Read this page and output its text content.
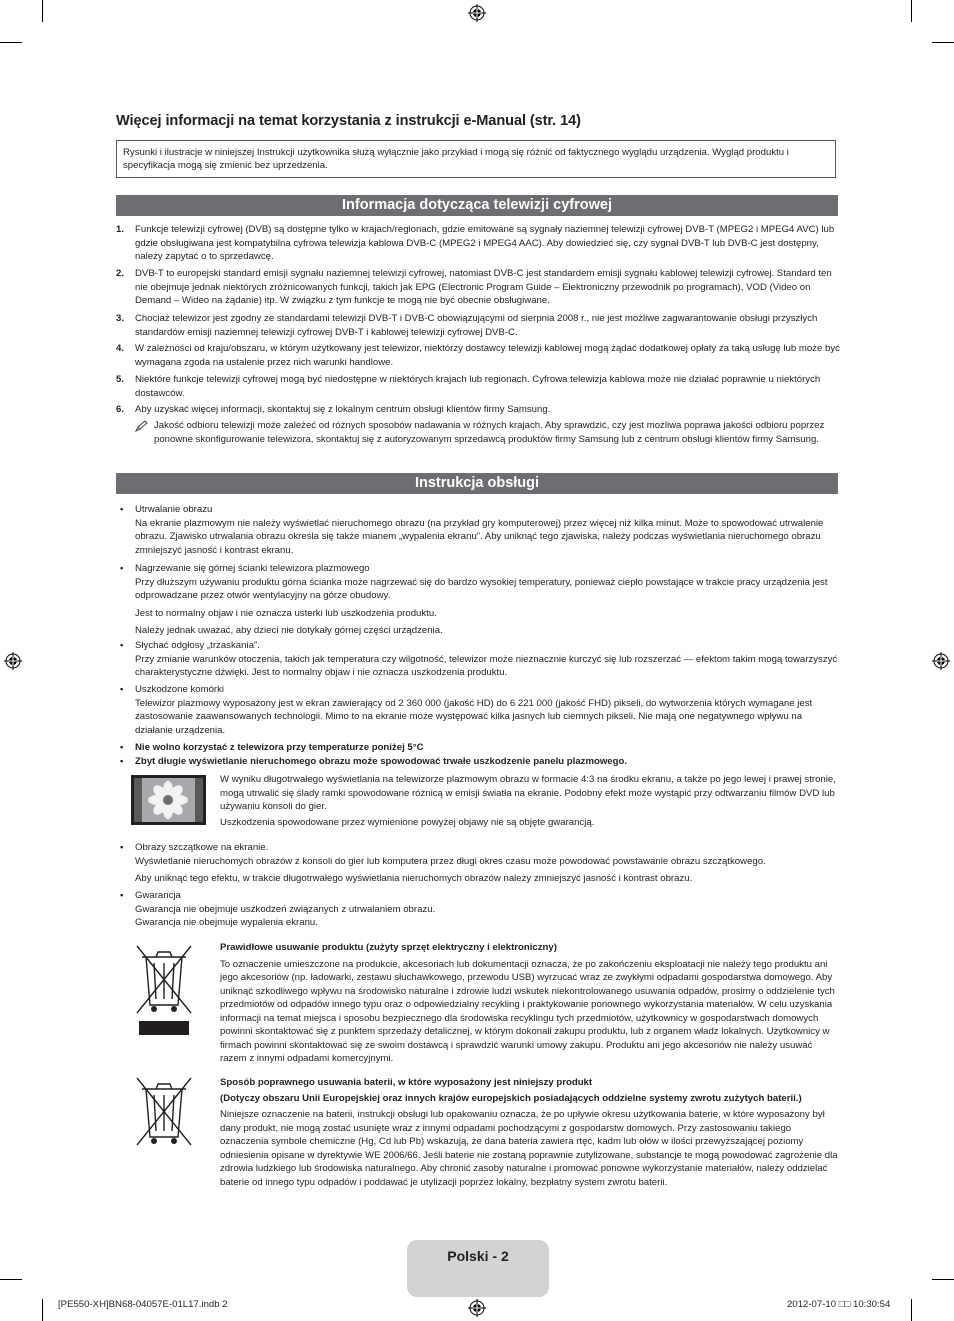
Więcej informacji na temat korzystania z instrukcji e-Manual (str. 14)
Rysunki i ilustracje w niniejszej Instrukcji użytkownika służą wyłącznie jako przykład i mogą się różnić od faktycznego wyglądu urządzenia. Wygląd produktu i specyfikacja mogą się zmienić bez uprzedzenia.
Informacja dotycząca telewizji cyfrowej
1. Funkcje telewizji cyfrowej (DVB) są dostępne tylko w krajach/regionach, gdzie emitowane są sygnały naziemnej telewizji cyfrowej DVB-T (MPEG2 i MPEG4 AVC) lub gdzie obsługiwana jest kompatybilna cyfrowa telewizja kablowa DVB-C (MPEG2 i MPEG4 AAC). Aby dowiedzieć się, czy sygnał DVB-T lub DVB-C jest dostępny, należy zapytać o to sprzedawcę.
2. DVB-T to europejski standard emisji sygnału naziemnej telewizji cyfrowej, natomiast DVB-C jest standardem emisji sygnału kablowej telewizji cyfrowej. Standard ten nie obejmuje jednak niektórych zróżnicowanych funkcji, takich jak EPG (Electronic Program Guide – Elektroniczny przewodnik po programach), VOD (Video on Demand – Wideo na żądanie) itp. W związku z tym funkcje te mogą nie być obecnie obsługiwane.
3. Chociaż telewizor jest zgodny ze standardami telewizji DVB-T i DVB-C obowiązującymi od sierpnia 2008 r., nie jest możliwe zagwarantowanie obsługi przyszłych standardów emisji naziemnej telewizji cyfrowej DVB-T i kablowej telewizji cyfrowej DVB-C.
4. W zależności od kraju/obszaru, w którym użytkowany jest telewizor, niektórzy dostawcy telewizji kablowej mogą żądać dodatkowej opłaty za taką usługę lub może być wymagana zgoda na ustalenie przez nich warunki handlowe.
5. Niektóre funkcje telewizji cyfrowej mogą być niedostępne w niektórych krajach lub regionach. Cyfrowa telewizja kablowa może nie działać poprawnie u niektórych dostawców.
6. Aby uzyskać więcej informacji, skontaktuj się z lokalnym centrum obsługi klientów firmy Samsung.
Jakość odbioru telewizji może zależeć od różnych sposobów nadawania w różnych krajach. Aby sprawdzić, czy jest możliwa poprawa jakości odbioru poprzez ponowne skonfigurowanie telewizora, skontaktuj się z autoryzowanym sprzedawcą produktów firmy Samsung lub z centrum obsługi klientów firmy Samsung.
Instrukcja obsługi
• Utrwalanie obrazu

Na ekranie plazmowym nie należy wyświetlać nieruchomego obrazu (na przykład gry komputerowej) przez więcej niż kilka minut. Może to spowodować utrwalenie obrazu. Zjawisko utrwalania obrazu określa się także mianem „wypalenia ekranu”. Aby uniknąć tego zjawiska, należy podczas wyświetlania nieruchomego obrazu zmniejszyć jasność i kontrast ekranu.

• Nagrzewanie się górnej ścianki telewizora plazmowego

Przy dłuższym używaniu produktu górna ścianka może nagrzewać się do bardzo wysokiej temperatury, ponieważ ciepło powstające w trakcie pracy urządzenia jest odprowadzane przez otwór wentylacyjny na górze obudowy.

Jest to normalny objaw i nie oznacza usterki lub uszkodzenia produktu.

Należy jednak uważać, aby dzieci nie dotykały górnej części urządzenia.

• Słychać odgłosy „trzaskania”.

Przy zmianie warunków otoczenia, takich jak temperatura czy wilgotność, telewizor może nieznacznie kurczyć się lub rozszerzać — efektom takim mogą towarzyszyć charakterystyczne dźwięki. Jest to normalny objaw i nie oznacza uszkodzenia produktu.

• Uszkodzone komórki

Telewizor plazmowy wyposażony jest w ekran zawierający od 2 360 000 (jakość HD) do 6 221 000 (jakość FHD) pikseli, do wytworzenia których wymagane jest zastosowanie zaawansowanych technologii. Mimo to na ekranie może występować kilka jasnych lub ciemnych pikseli. Nie mają one negatywnego wpływu na działanie urządzenia.

• Nie wolno korzystać z telewizora przy temperaturze poniżej 5°C
• Zbyt długie wyświetlanie nieruchomego obrazu może spowodować trwałe uszkodzenie panelu plazmowego.

W wyniku długotrwałego wyświetlania na telewizorze plazmowym obrazu w formacie 4:3 na środku ekranu, a także po jego lewej i prawej stronie, mogą utrwalić się ślady ramki spowodowane różnicą w emisji światła na ekranie. Podobny efekt może wystąpić przy odtwarzaniu filmów DVD lub używaniu konsoli do gier.

Uszkodzenia spowodowane przez wymienione powyżej objawy nie są objęte gwarancją.

• Obrazy szczątkowe na ekranie.

Wyświetlanie nieruchomych obrazów z konsoli do gier lub komputera przez długi okres czasu może powodować powstawanie obrazu szczątkowego.

Aby uniknąć tego efektu, w trakcie długotrwałego wyświetlania nieruchomych obrazów należy zmniejszyć jasność i kontrast obrazu.

• Gwarancja

Gwarancja nie obejmuje uszkodzeń związanych z utrwalaniem obrazu.

Gwarancja nie obejmuje wypalenia ekranu.

Prawidłowe usuwanie produktu (zużyty sprzęt elektryczny i elektroniczny)

To oznaczenie umieszczone na produkcie, akcesoriach lub dokumentacji oznacza, że po zakończeniu eksploatacji nie należy tego produktu ani jego akcesoriów (np. ładowarki, zestawu słuchawkowego, przewodu USB) wyrzucać wraz ze zwykłymi odpadami gospodarstwa domowego. Aby uniknąć szkodliwego wpływu na środowisko naturalne i zdrowie ludzi wskutek niekontrolowanego usuwania odpadów, prosimy o oddzielenie tych przedmiotów od odpadów innego typu oraz o odpowiedzialny recykling i praktykowanie ponownego wykorzystania materiałów. W celu uzyskania informacji na temat miejsca i sposobu bezpiecznego dla środowiska recyklingu tych przedmiotów, użytkownicy w gospodarstwach domowych powinni skontaktować się z punktem sprzedaży detalicznej, w którym dokonali zakupu produktu, lub z organem władz lokalnych. Użytkownicy w firmach powinni skontaktować się ze swoim dostawcą i sprawdzić warunki umowy zakupu. Produktu ani jego akcesoriów nie należy usuwać razem z innymi odpadami komercyjnymi.

Sposób poprawnego usuwania baterii, w które wyposażony jest niniejszy produkt

(Dotyczy obszaru Unii Europejskiej oraz innych krajów europejskich posiadających oddzielne systemy zwrotu zużytych baterii.)

Niniejsze oznaczenie na baterii, instrukcji obsługi lub opakowaniu oznacza, że po upływie okresu użytkowania baterie, w które wyposażony był dany produkt, nie mogą zostać usunięte wraz z innymi odpadami pochodzącymi z gospodarstw domowych. Przy zastosowaniu takiego oznaczenia symbole chemiczne (Hg, Cd lub Pb) wskazują, że dana bateria zawiera rtęć, kadm lub ołów w ilości przewyższającej poziomy odniesienia opisane w dyrektywie WE 2006/66. Jeśli baterie nie zostaną poprawnie zutylizowane, substancje te mogą powodować zagrożenie dla zdrowia ludzkiego lub środowiska naturalnego. Aby chronić zasoby naturalne i promować ponowne wykorzystanie materiałów, należy oddzielać baterie od innego typu odpadów i poddawać je utylizacji poprzez lokalny, bezpłatny system zwrotu baterii.

Polski - 2
[PE550-XH]BN68-04057E-01L17.indb 2	2012-07-10 □□ 10:30:54
